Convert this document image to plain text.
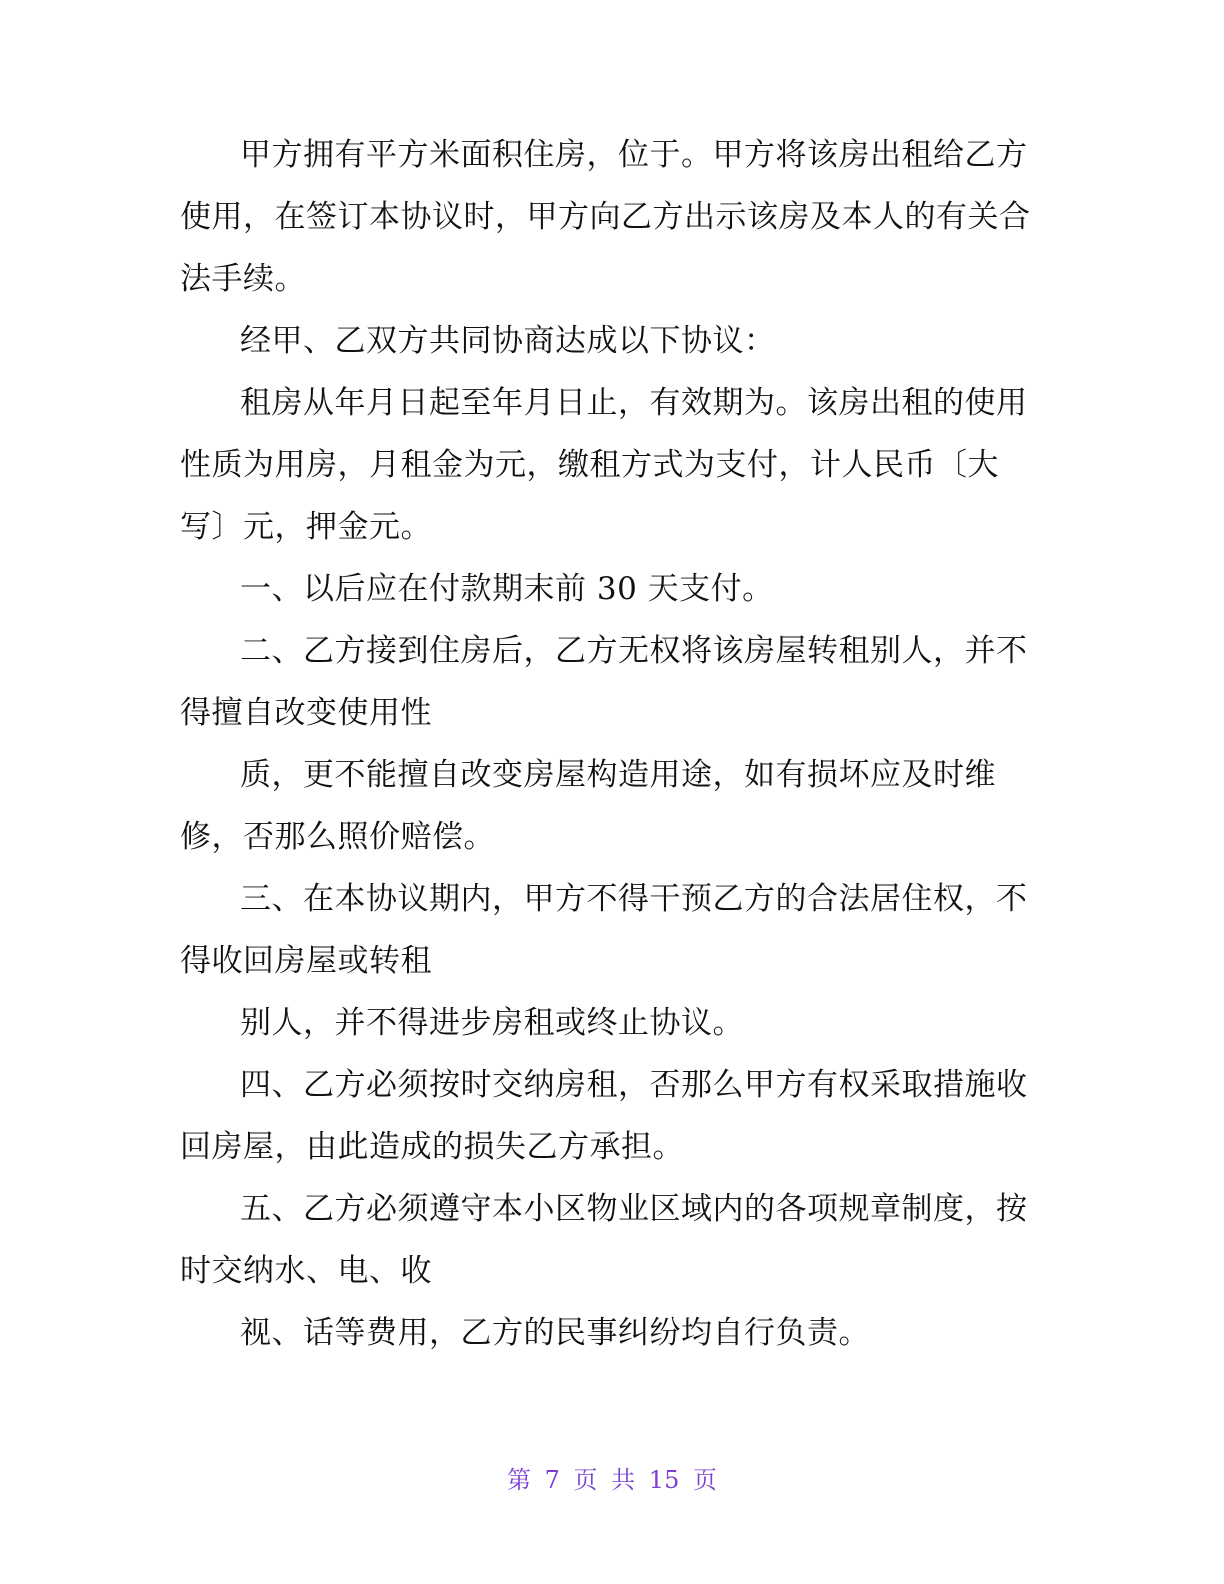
甲方拥有平方米面积住房，位于。甲方将该房出租给乙方
使用，在签订本协议时，甲方向乙方出示该房及本人的有关合
法手续。
经甲、乙双方共同协商达成以下协议：
租房从年月日起至年月日止，有效期为。该房出租的使用
性质为用房，月租金为元，缴租方式为支付，计人民币〔大
写〕元，押金元。
一、以后应在付款期末前 30 天支付。
二、乙方接到住房后，乙方无权将该房屋转租别人，并不
得擅自改变使用性
质，更不能擅自改变房屋构造用途，如有损坏应及时维
修，否那么照价赔偿。
三、在本协议期内，甲方不得干预乙方的合法居住权，不
得收回房屋或转租
别人，并不得进步房租或终止协议。
四、乙方必须按时交纳房租，否那么甲方有权采取措施收
回房屋，由此造成的损失乙方承担。
五、乙方必须遵守本小区物业区域内的各项规章制度，按
时交纳水、电、收
视、话等费用，乙方的民事纠纷均自行负责。

第 7 页 共 15 页
